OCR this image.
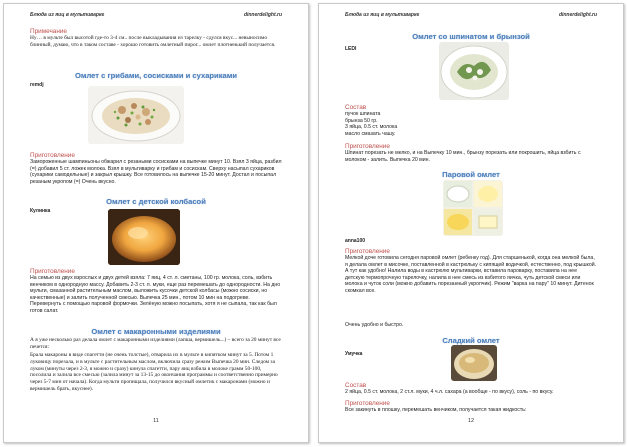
Блюда из яиц в мультиварке	dinnerdelight.ru
Примечание
Ну… в мульте был высотой где-то 3-4 см.. после выкладывания из тарелку - сдулся вкус... невыносимо блинный, думаю, что в таком составе - хорошо готовить омлетный пирог... омлет плотненький получается.
Омлет с грибами, сосисками и сухариками
remdj
Приготовление
Замороженные шампиньоны обжарил с резаными сосисками на выпечке минут 10. Взял 3 яйца, разбил (=) добавил 5 ст. ложек молока. Взял в мультиварку и грибам и сосискам. Сверху насыпал сухариков (сухарики самодельные) и закрыл крышку. Все готовилось на выпечке 15-20 минут. Достал и посыпал резаным укропом (=) Очень вкусно.
Омлет с детской колбасой
Кулинка
Приготовление
На семью из двух взрослых и двух детей взяла: 7 яиц, 4 ст. л. сметаны, 100 гр. молока, соль, взбить венчиком в однородную массу. Добавить 2-3 ст. л. муки, еще раз перемешать до однородности. На дно мульти, смазанной растительным маслом, выложить кусочки детской колбасы (можно сосиски, но качественные) и залить полученной смесью. Выпечка 25 мин., потом 10 мин на подогреве. Перевернуть с помощью паровой формочки. Зелёную можно посыпать, хотя я не сыпала, так как был готов салат.
Омлет с макаронными изделиями
А я уже несколько раз делала омлет с макаронными изделиями (лапша, вермишель...) – всего за 20 минут все печется:
Брала макароны в виде спагетти (не очень толстые), отварила их в мульте в кипятком минут за 5. Потом 1 луковицу порезала, и в мульте с растительным маслом, включила сразу режим Выпечка 20 мин. Следом за луком (минуты через 2-3, я можно и сразу) кинула спагетти, пару яиц взбила в молоке грамм 50-100, посолила и залила все смесью (залила минут за 13-15 до окончания программы и соответственно примерно через 5-7 мин от начала). Когда мульти пропищала, получился вкусный омлетик с макаронами (можно и вермишель брать, вкуснее).
11
Блюда из яиц в мультиварке	dinnerdelight.ru
Омлет со шпинатом и брынзой
LEDI
Состав
пучок шпината
брынза 50 гр.
3 яйца, 0.5 ст. молока
масло смазать чашу.
Приготовление
Шпинат порезать не мелко, и на Выпечку 10 мин., брынзу порезать или покрошить, яйца взбить с молоком - залить. Выпечка 20 мин.
Паровой омлет
anna100
Приготовление
Мелкой доче готовила сегодня паровой омлет (ребенку год). Для старшенькой, когда она мелкой была, я делала омлет в мисочке, поставленной в кастрюльку с кипящей водичкой, естественно, под крышкой. А тут как удобно! Налила воды в кастрюлю мультиварки, вставила пароварку, поставила на нее детскую термопрочную тарелочку, налила в нее смесь из взбитого яичка, чуть детской смеси или молока и чуток соли (можно добавить порезанный укропчик). Режим "варка на пару" 10 минут. Дитенок скомкал все.
Очень удобно и быстро.
Сладкий омлет
Умучка
Состав
2 яйца, 0.5 ст. молока, 2 ст.л. муки, 4 ч.л. сахара (а вообще - по вкусу), соль - по вкусу.
Приготовление
Все закинуть в плошку, перемешать венчиком, получается такая жидкость:
12
